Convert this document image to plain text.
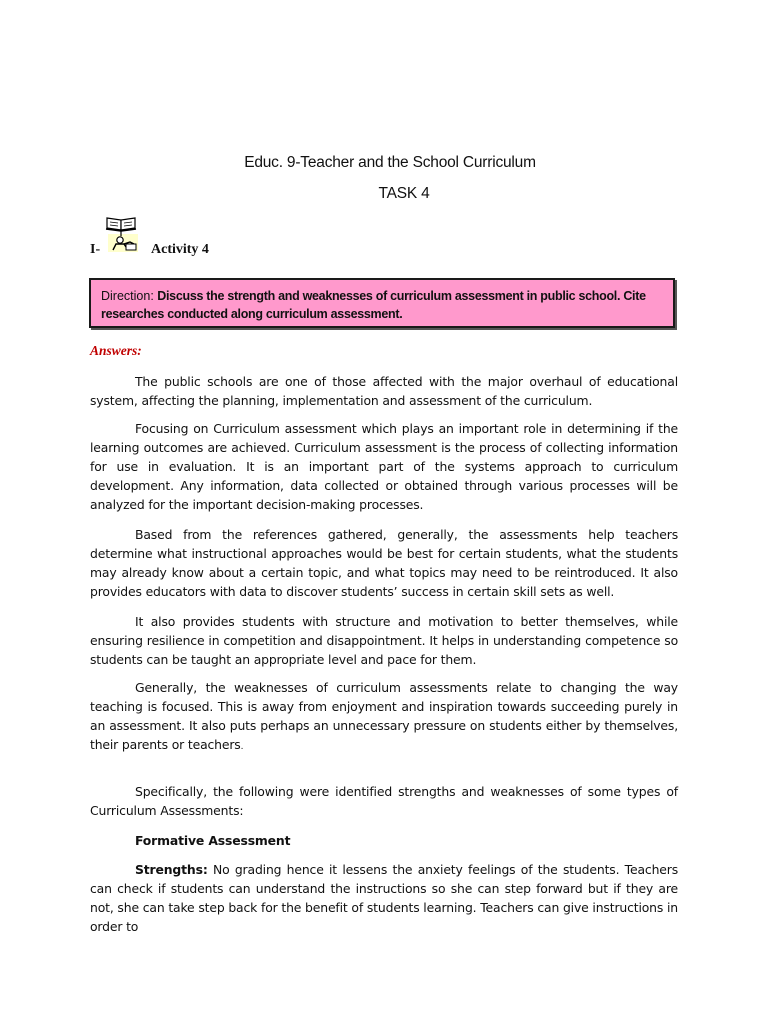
Educ. 9-Teacher and the School Curriculum
TASK 4
I-	Activity 4
Direction: Discuss the strength and weaknesses of curriculum assessment in public school. Cite researches conducted along curriculum assessment.
Answers:
The public schools are one of those affected with the major overhaul of educational system, affecting the planning, implementation and assessment of the curriculum.
Focusing on Curriculum assessment which plays an important role in determining if the learning outcomes are achieved. Curriculum assessment is the process of collecting information for use in evaluation. It is an important part of the systems approach to curriculum development. Any information, data collected or obtained through various processes will be analyzed for the important decision-making processes.
Based from the references gathered, generally, the assessments help teachers determine what instructional approaches would be best for certain students, what the students may already know about a certain topic, and what topics may need to be reintroduced. It also provides educators with data to discover students’ success in certain skill sets as well.
It also provides students with structure and motivation to better themselves, while ensuring resilience in competition and disappointment. It helps in understanding competence so students can be taught an appropriate level and pace for them.
Generally, the weaknesses of curriculum assessments relate to changing the way teaching is focused. This is away from enjoyment and inspiration towards succeeding purely in an assessment. It also puts perhaps an unnecessary pressure on students either by themselves, their parents or teachers.
Specifically, the following were identified strengths and weaknesses of some types of Curriculum Assessments:
Formative Assessment
Strengths: No grading hence it lessens the anxiety feelings of the students. Teachers can check if students can understand the instructions so she can step forward but if they are not, she can take step back for the benefit of students learning. Teachers can give instructions in order to
